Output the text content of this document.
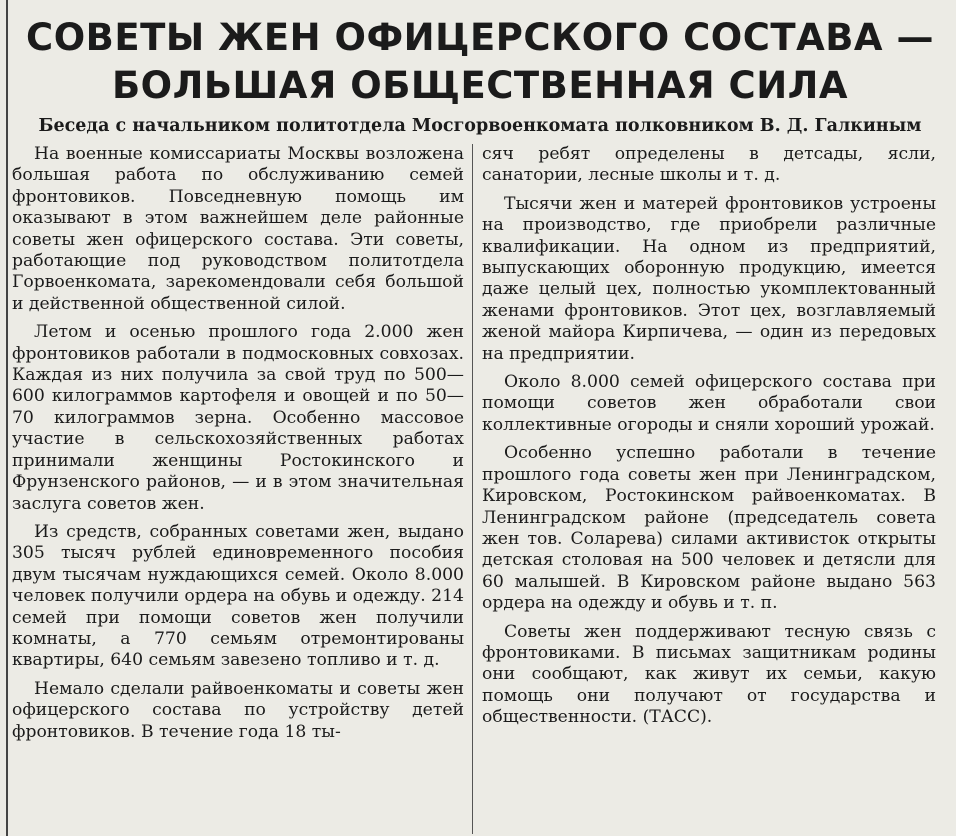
СОВЕТЫ ЖЕН ОФИЦЕРСКОГО СОСТАВА —
БОЛЬШАЯ ОБЩЕСТВЕННАЯ СИЛА
Беседа с начальником политотдела Мосгорвоенкомата полковником В. Д. Галкиным

На военные комиссариаты Москвы возложена большая работа по обслуживанию семей фронтовиков. Повседневную помощь им оказывают в этом важнейшем деле районные советы жен офицерского состава. Эти советы, работающие под руководством политотдела Горвоенкомата, зарекомендовали себя большой и действенной общественной силой.

Летом и осенью прошлого года 2.000 жен фронтовиков работали в подмосковных совхозах. Каждая из них получила за свой труд по 500—600 килограммов картофеля и овощей и по 50—70 килограммов зерна. Особенно массовое участие в сельскохозяйственных работах принимали женщины Ростокинского и Фрунзенского районов, — и в этом значительная заслуга советов жен.

Из средств, собранных советами жен, выдано 305 тысяч рублей единовременного пособия двум тысячам нуждающихся семей. Около 8.000 человек получили ордера на обувь и одежду. 214 семей при помощи советов жен получили комнаты, а 770 семьям отремонтированы квартиры, 640 семьям завезено топливо и т. д.

Немало сделали райвоенкоматы и советы жен офицерского состава по устройству детей фронтовиков. В течение года 18 ты-

сяч ребят определены в детсады, ясли, санатории, лесные школы и т. д.

Тысячи жен и матерей фронтовиков устроены на производство, где приобрели различные квалификации. На одном из предприятий, выпускающих оборонную продукцию, имеется даже целый цех, полностью укомплектованный женами фронтовиков. Этот цех, возглавляемый женой майора Кирпичева, — один из передовых на предприятии.

Около 8.000 семей офицерского состава при помощи советов жен обработали свои коллективные огороды и сняли хороший урожай.

Особенно успешно работали в течение прошлого года советы жен при Ленинградском, Кировском, Ростокинском райвоенкоматах. В Ленинградском районе (председатель совета жен тов. Соларева) силами активисток открыты детская столовая на 500 человек и детясли для 60 малышей. В Кировском районе выдано 563 ордера на одежду и обувь и т. п.

Советы жен поддерживают тесную связь с фронтовиками. В письмах защитникам родины они сообщают, как живут их семьи, какую помощь они получают от государства и общественности. (ТАСС).
